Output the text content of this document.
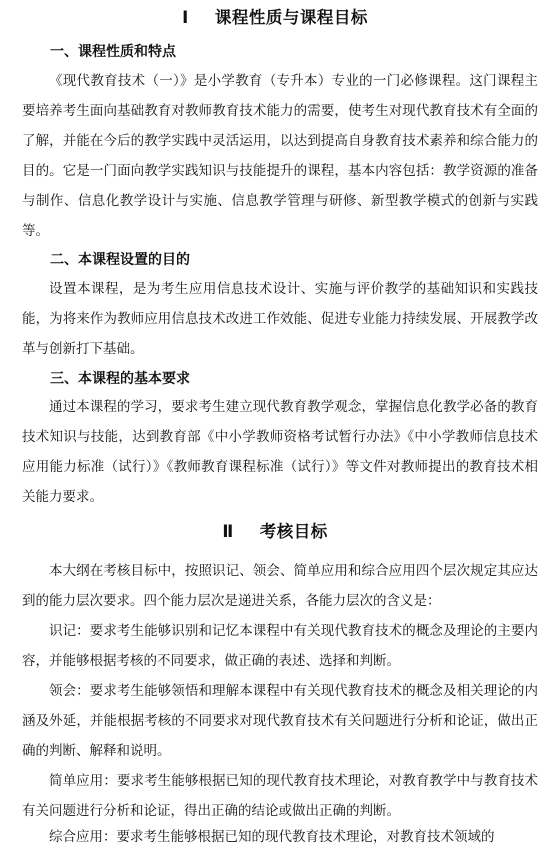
Ⅰ 课程性质与课程目标
一、课程性质和特点

《现代教育技术（一）》是小学教育（专升本）专业的一门必修课程。这门课程主要培养考生面向基础教育对教师教育技术能力的需要，使考生对现代教育技术有全面的了解，并能在今后的教学实践中灵活运用，以达到提高自身教育技术素养和综合能力的目的。它是一门面向教学实践知识与技能提升的课程，基本内容包括：教学资源的准备与制作、信息化教学设计与实施、信息教学管理与研修、新型教学模式的创新与实践等。

二、本课程设置的目的

设置本课程，是为考生应用信息技术设计、实施与评价教学的基础知识和实践技能，为将来作为教师应用信息技术改进工作效能、促进专业能力持续发展、开展教学改革与创新打下基础。

三、本课程的基本要求

通过本课程的学习，要求考生建立现代教育教学观念，掌握信息化教学必备的教育技术知识与技能，达到教育部《中小学教师资格考试暂行办法》《中小学教师信息技术应用能力标准（试行）》《教师教育课程标准（试行）》等文件对教师提出的教育技术相关能力要求。

Ⅱ 考核目标

本大纲在考核目标中，按照识记、领会、简单应用和综合应用四个层次规定其应达到的能力层次要求。四个能力层次是递进关系，各能力层次的含义是：

识记：要求考生能够识别和记忆本课程中有关现代教育技术的概念及理论的主要内容，并能够根据考核的不同要求，做正确的表述、选择和判断。

领会：要求考生能够领悟和理解本课程中有关现代教育技术的概念及相关理论的内涵及外延，并能根据考核的不同要求对现代教育技术有关问题进行分析和论证，做出正确的判断、解释和说明。

简单应用：要求考生能够根据已知的现代教育技术理论，对教育教学中与教育技术有关问题进行分析和论证，得出正确的结论或做出正确的判断。

综合应用：要求考生能够根据已知的现代教育技术理论，对教育技术领域的
